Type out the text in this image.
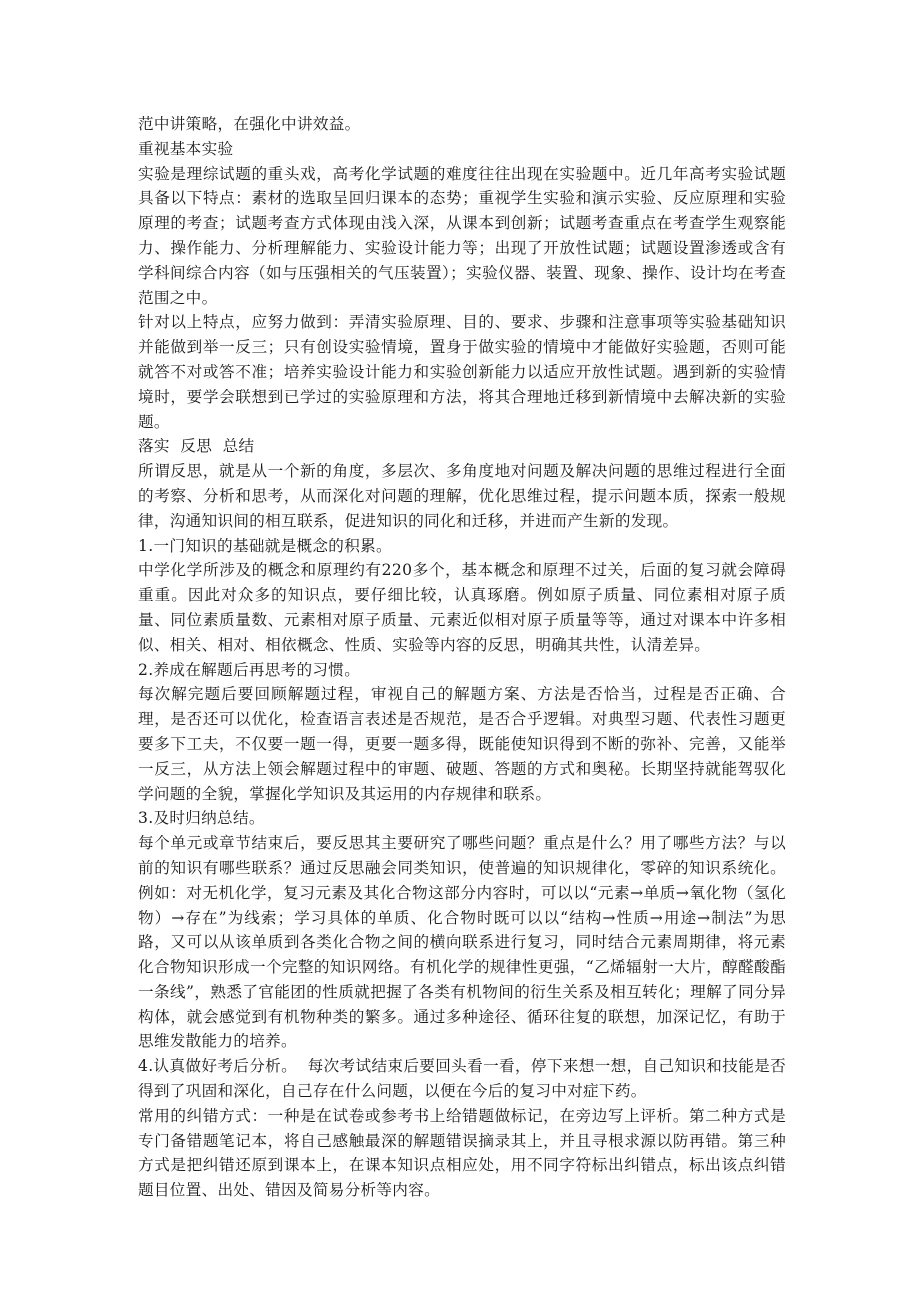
范中讲策略，在强化中讲效益。

重视基本实验

实验是理综试题的重头戏，高考化学试题的难度往往出现在实验题中。近几年高考实验试题具备以下特点：素材的选取呈回归课本的态势；重视学生实验和演示实验、反应原理和实验原理的考查；试题考查方式体现由浅入深，从课本到创新；试题考查重点在考查学生观察能力、操作能力、分析理解能力、实验设计能力等；出现了开放性试题；试题设置渗透或含有学科间综合内容（如与压强相关的气压装置）；实验仪器、装置、现象、操作、设计均在考查范围之中。

针对以上特点，应努力做到：弄清实验原理、目的、要求、步骤和注意事项等实验基础知识并能做到举一反三；只有创设实验情境，置身于做实验的情境中才能做好实验题，否则可能就答不对或答不准；培养实验设计能力和实验创新能力以适应开放性试题。遇到新的实验情境时，要学会联想到已学过的实验原理和方法，将其合理地迁移到新情境中去解决新的实验题。

落实  反思  总结

所谓反思，就是从一个新的角度，多层次、多角度地对问题及解决问题的思维过程进行全面的考察、分析和思考，从而深化对问题的理解，优化思维过程，提示问题本质，探索一般规律，沟通知识间的相互联系，促进知识的同化和迁移，并进而产生新的发现。

1.一门知识的基础就是概念的积累。

中学化学所涉及的概念和原理约有220多个，基本概念和原理不过关，后面的复习就会障碍重重。因此对众多的知识点，要仔细比较，认真琢磨。例如原子质量、同位素相对原子质量、同位素质量数、元素相对原子质量、元素近似相对原子质量等等，通过对课本中许多相似、相关、相对、相依概念、性质、实验等内容的反思，明确其共性，认清差异。

2.养成在解题后再思考的习惯。

每次解完题后要回顾解题过程，审视自己的解题方案、方法是否恰当，过程是否正确、合理，是否还可以优化，检查语言表述是否规范，是否合乎逻辑。对典型习题、代表性习题更要多下工夫，不仅要一题一得，更要一题多得，既能使知识得到不断的弥补、完善，又能举一反三，从方法上领会解题过程中的审题、破题、答题的方式和奥秘。长期坚持就能驾驭化学问题的全貌，掌握化学知识及其运用的内存规律和联系。

3.及时归纳总结。

每个单元或章节结束后，要反思其主要研究了哪些问题？重点是什么？用了哪些方法？与以前的知识有哪些联系？通过反思融会同类知识，使普遍的知识规律化，零碎的知识系统化。例如：对无机化学，复习元素及其化合物这部分内容时，可以以“元素→单质→氧化物（氢化物）→存在”为线索；学习具体的单质、化合物时既可以以“结构→性质→用途→制法”为思路，又可以从该单质到各类化合物之间的横向联系进行复习，同时结合元素周期律，将元素化合物知识形成一个完整的知识网络。有机化学的规律性更强，“乙烯辐射一大片，醇醛酸酯一条线”，熟悉了官能团的性质就把握了各类有机物间的衍生关系及相互转化；理解了同分异构体，就会感觉到有机物种类的繁多。通过多种途径、循环往复的联想，加深记忆，有助于思维发散能力的培养。

4.认真做好考后分析。  每次考试结束后要回头看一看，停下来想一想，自己知识和技能是否得到了巩固和深化，自己存在什么问题，以便在今后的复习中对症下药。

常用的纠错方式：一种是在试卷或参考书上给错题做标记，在旁边写上评析。第二种方式是专门备错题笔记本，将自己感触最深的解题错误摘录其上，并且寻根求源以防再错。第三种方式是把纠错还原到课本上，在课本知识点相应处，用不同字符标出纠错点，标出该点纠错题目位置、出处、错因及简易分析等内容。
